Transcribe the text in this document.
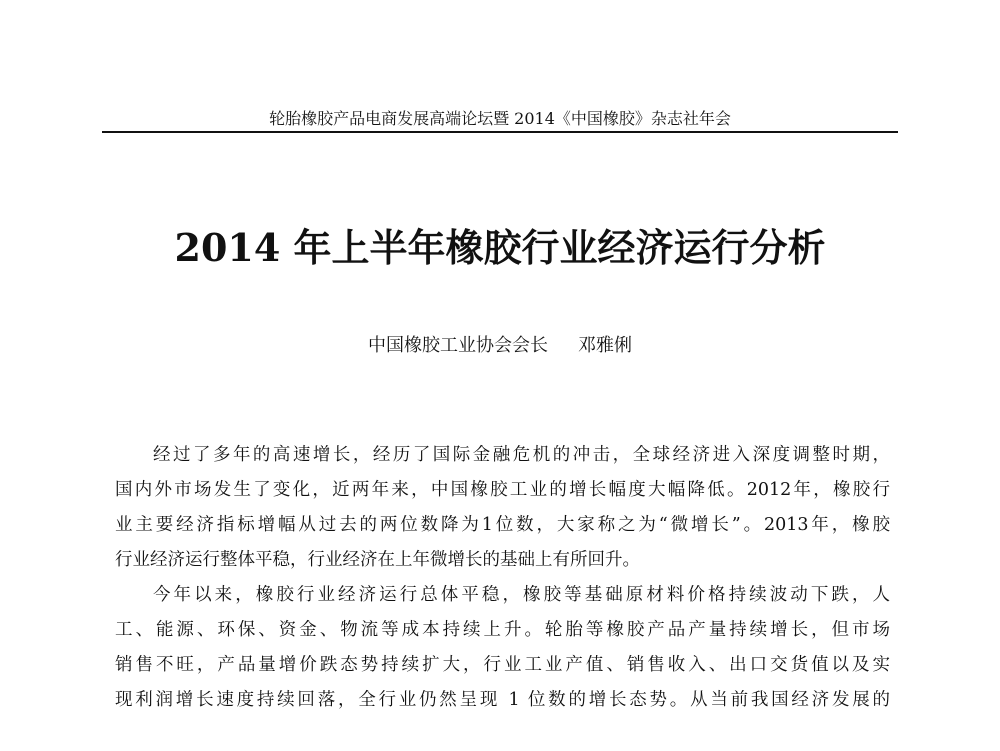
轮胎橡胶产品电商发展高端论坛暨 2014《中国橡胶》杂志社年会
2014 年上半年橡胶行业经济运行分析
中国橡胶工业协会会长 邓雅俐
经过了多年的高速增长，经历了国际金融危机的冲击，全球经济进入深度调整时期，
国内外市场发生了变化，近两年来，中国橡胶工业的增长幅度大幅降低。2012年，橡胶行
业主要经济指标增幅从过去的两位数降为1位数，大家称之为“微增长”。2013年，橡胶
行业经济运行整体平稳，行业经济在上年微增长的基础上有所回升。
今年以来，橡胶行业经济运行总体平稳，橡胶等基础原材料价格持续波动下跌，人
工、能源、环保、资金、物流等成本持续上升。轮胎等橡胶产品产量持续增长，但市场
销售不旺，产品量增价跌态势持续扩大，行业工业产值、销售收入、出口交货值以及实
现利润增长速度持续回落，全行业仍然呈现 1 位数的增长态势。从当前我国经济发展的
